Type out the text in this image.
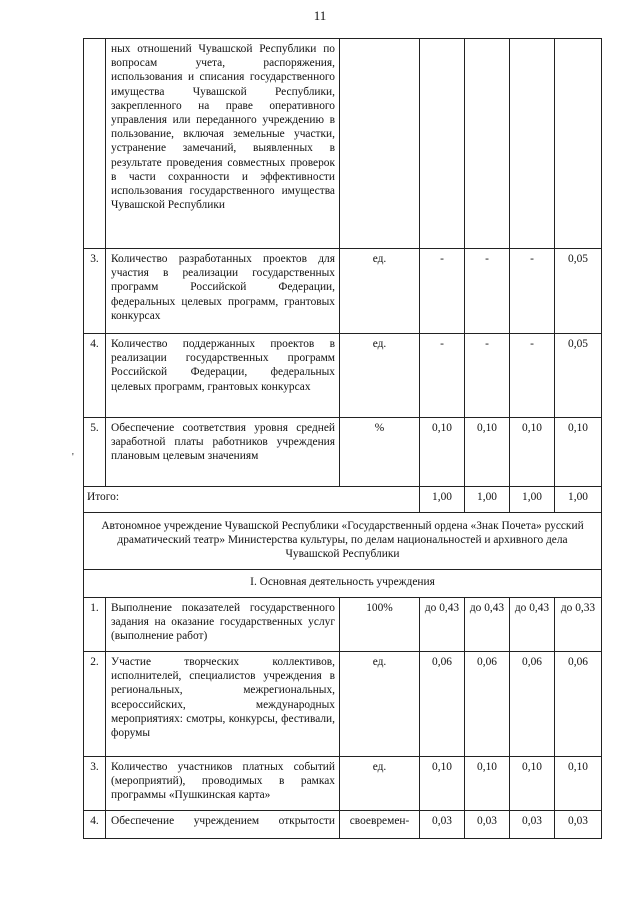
11
'
	ных отношений Чувашской Республики по вопросам учета, распоряжения, использования и списания государственного имущества Чувашской Республики, закрепленного на праве оперативного управления или переданного учреждению в пользование, включая земельные участки, устранение замечаний, выявленных в результате проведения совместных проверок в части сохранности и эффективности использования государственного имущества Чувашской Республики					
3.	Количество разработанных проектов для участия в реализации государственных программ Российской Федерации, федеральных целевых программ, грантовых конкурсах	ед.	-	-	-	0,05
4.	Количество поддержанных проектов в реализации государственных программ Российской Федерации, федеральных целевых программ, грантовых конкурсах	ед.	-	-	-	0,05
5.	Обеспечение соответствия уровня средней заработной платы работников учреждения плановым целевым значениям	%	0,10	0,10	0,10	0,10
Итого:			1,00	1,00	1,00	1,00
Автономное учреждение Чувашской Республики «Государственный ордена «Знак Почета» русский драматический театр» Министерства культуры, по делам национальностей и архивного дела Чувашской Республики						
I. Основная деятельность учреждения						
1.	Выполнение показателей государственного задания на оказание государственных услуг (выполнение работ)	100%	до 0,43	до 0,43	до 0,43	до 0,33
2.	Участие творческих коллективов, исполнителей, специалистов учреждения в региональных, межрегиональных, всероссийских, международных мероприятиях: смотры, конкурсы, фестивали, форумы	ед.	0,06	0,06	0,06	0,06
3.	Количество участников платных событий (мероприятий), проводимых в рамках программы «Пушкинская карта»	ед.	0,10	0,10	0,10	0,10
4.	Обеспечение учреждением открытости	своевремен-	0,03	0,03	0,03	0,03
